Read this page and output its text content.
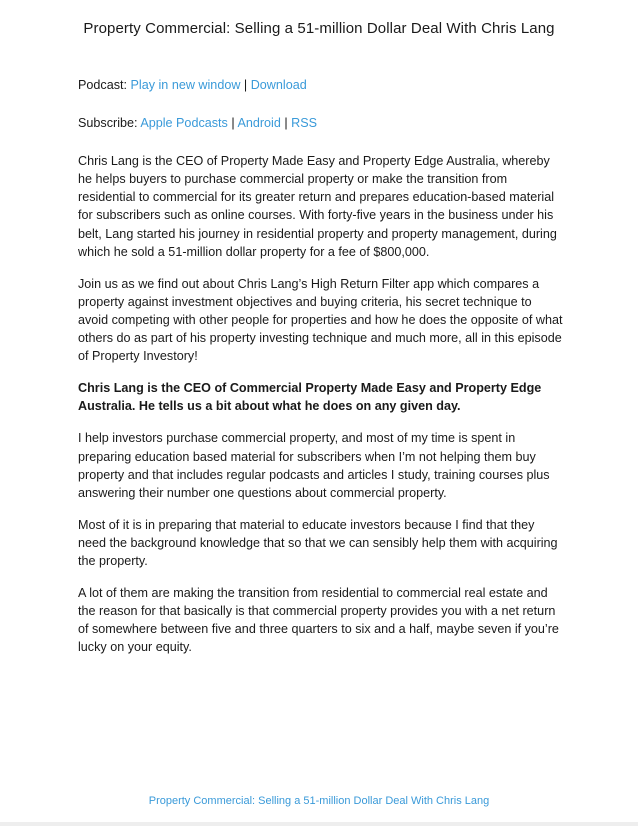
Property Commercial: Selling a 51-million Dollar Deal With Chris Lang

Podcast: Play in new window | Download

Subscribe: Apple Podcasts | Android | RSS

Chris Lang is the CEO of Property Made Easy and Property Edge Australia, whereby he helps buyers to purchase commercial property or make the transition from residential to commercial for its greater return and prepares education-based material for subscribers such as online courses. With forty-five years in the business under his belt, Lang started his journey in residential property and property management, during which he sold a 51-million dollar property for a fee of $800,000.

Join us as we find out about Chris Lang’s High Return Filter app which compares a property against investment objectives and buying criteria, his secret technique to avoid competing with other people for properties and how he does the opposite of what others do as part of his property investing technique and much more, all in this episode of Property Investory!

Chris Lang is the CEO of Commercial Property Made Easy and Property Edge Australia. He tells us a bit about what he does on any given day.

I help investors purchase commercial property, and most of my time is spent in preparing education based material for subscribers when I’m not helping them buy property and that includes regular podcasts and articles I study, training courses plus answering their number one questions about commercial property.

Most of it is in preparing that material to educate investors because I find that they need the background knowledge that so that we can sensibly help them with acquiring the property.

A lot of them are making the transition from residential to commercial real estate and the reason for that basically is that commercial property provides you with a net return of somewhere between five and three quarters to six and a half, maybe seven if you’re lucky on your equity.

Property Commercial: Selling a 51-million Dollar Deal With Chris Lang
